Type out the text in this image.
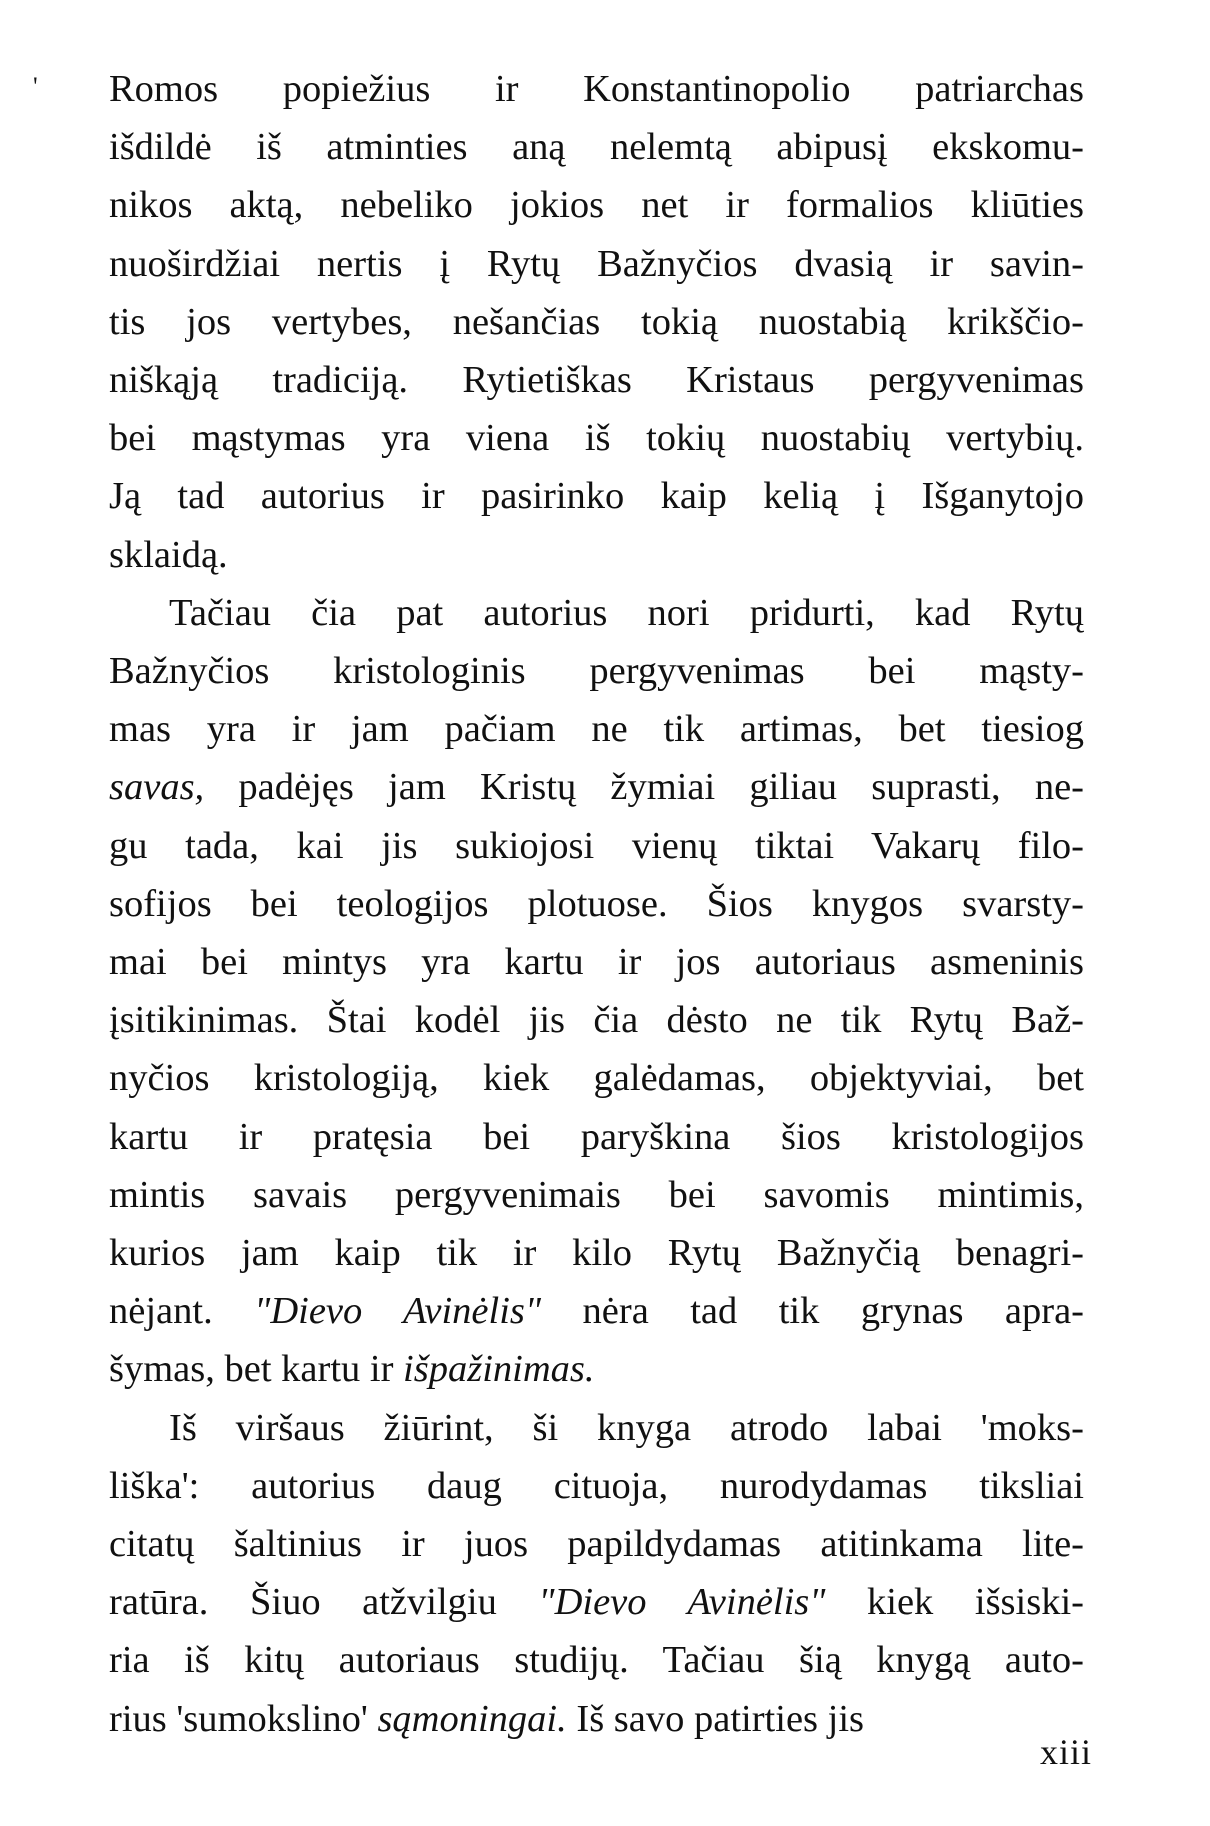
' Romos popiežius ir Konstantinopolio patriarchas
išdildė iš atminties aną nelemtą abipusį ekskomu-
nikos aktą, nebeliko jokios net ir formalios kliūties
nuoširdžiai nertis į Rytų Bažnyčios dvasią ir savin-
tis jos vertybes, nešančias tokią nuostabią krikščio-
niškąją tradiciją. Rytietiškas Kristaus pergyvenimas
bei mąstymas yra viena iš tokių nuostabių vertybių.
Ją tad autorius ir pasirinko kaip kelią į Išganytojo
sklaidą.

Tačiau čia pat autorius nori pridurti, kad Rytų
Bažnyčios kristologinis pergyvenimas bei mąsty-
mas yra ir jam pačiam ne tik artimas, bet tiesiog
savas, padėjęs jam Kristų žymiai giliau suprasti, ne-
gu tada, kai jis sukiojosi vienų tiktai Vakarų filo-
sofijos bei teologijos plotuose. Šios knygos svarsty-
mai bei mintys yra kartu ir jos autoriaus asmeninis
įsitikinimas. Štai kodėl jis čia dėsto ne tik Rytų Baž-
nyčios kristologiją, kiek galėdamas, objektyviai, bet
kartu ir pratęsia bei paryškina šios kristologijos
mintis savais pergyvenimais bei savomis mintimis,
kurios jam kaip tik ir kilo Rytų Bažnyčią benagri-
nėjant. "Dievo Avinėlis" nėra tad tik grynas apra-
šymas, bet kartu ir išpažinimas.

Iš viršaus žiūrint, ši knyga atrodo labai 'moks-
liška': autorius daug cituoja, nurodydamas tiksliai
citatų šaltinius ir juos papildydamas atitinkama lite-
ratūra. Šiuo atžvilgiu "Dievo Avinėlis" kiek išsiski-
ria iš kitų autoriaus studijų. Tačiau šią knygą auto-
rius 'sumokslino' sąmoningai. Iš savo patirties jis

xiii
